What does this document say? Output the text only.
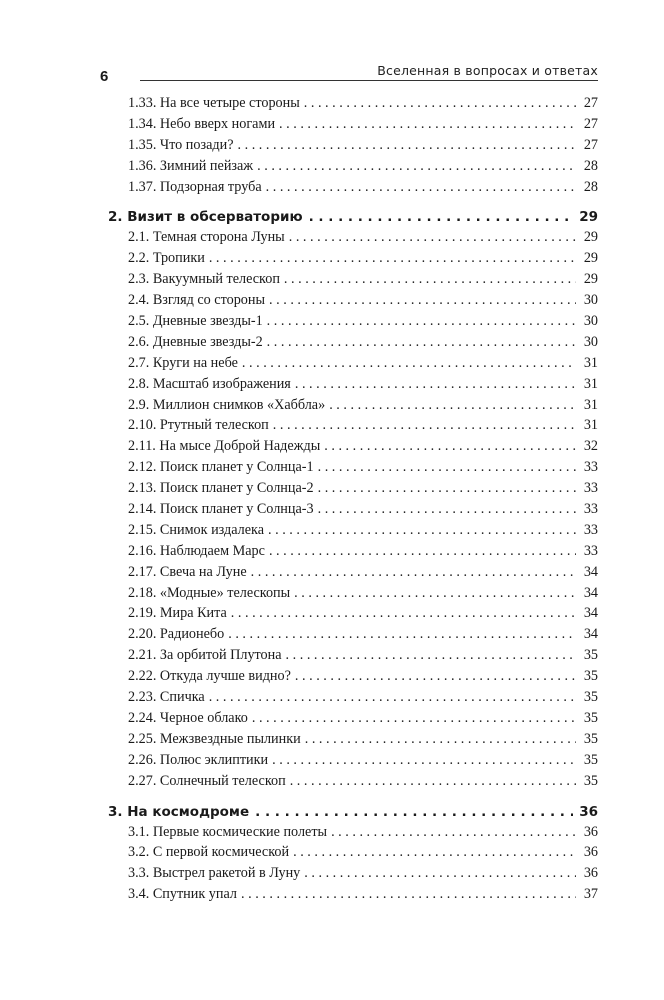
6	Вселенная в вопросах и ответах
1.33. На все четыре стороны . . .	27
1.34. Небо вверх ногами . . .	27
1.35. Что позади? . . .	27
1.36. Зимний пейзаж . . .	28
1.37. Подзорная труба . . .	28
2. Визит в обсерваторию . . .	29
2.1. Темная сторона Луны . . .	29
2.2. Тропики . . .	29
2.3. Вакуумный телескоп . . .	29
2.4. Взгляд со стороны . . .	30
2.5. Дневные звезды-1 . . .	30
2.6. Дневные звезды-2 . . .	30
2.7. Круги на небе . . .	31
2.8. Масштаб изображения . . .	31
2.9. Миллион снимков «Хаббла» . . .	31
2.10. Ртутный телескоп . . .	31
2.11. На мысе Доброй Надежды . . .	32
2.12. Поиск планет у Солнца-1 . . .	33
2.13. Поиск планет у Солнца-2 . . .	33
2.14. Поиск планет у Солнца-3 . . .	33
2.15. Снимок издалека . . .	33
2.16. Наблюдаем Марс . . .	33
2.17. Свеча на Луне . . .	34
2.18. «Модные» телескопы . . .	34
2.19. Мира Кита . . .	34
2.20. Радионебо . . .	34
2.21. За орбитой Плутона . . .	35
2.22. Откуда лучше видно? . . .	35
2.23. Спичка . . .	35
2.24. Черное облако . . .	35
2.25. Межзвездные пылинки . . .	35
2.26. Полюс эклиптики . . .	35
2.27. Солнечный телескоп . . .	35
3. На космодроме . . .	36
3.1. Первые космические полеты . . .	36
3.2. С первой космической . . .	36
3.3. Выстрел ракетой в Луну . . .	36
3.4. Спутник упал . . .	37
